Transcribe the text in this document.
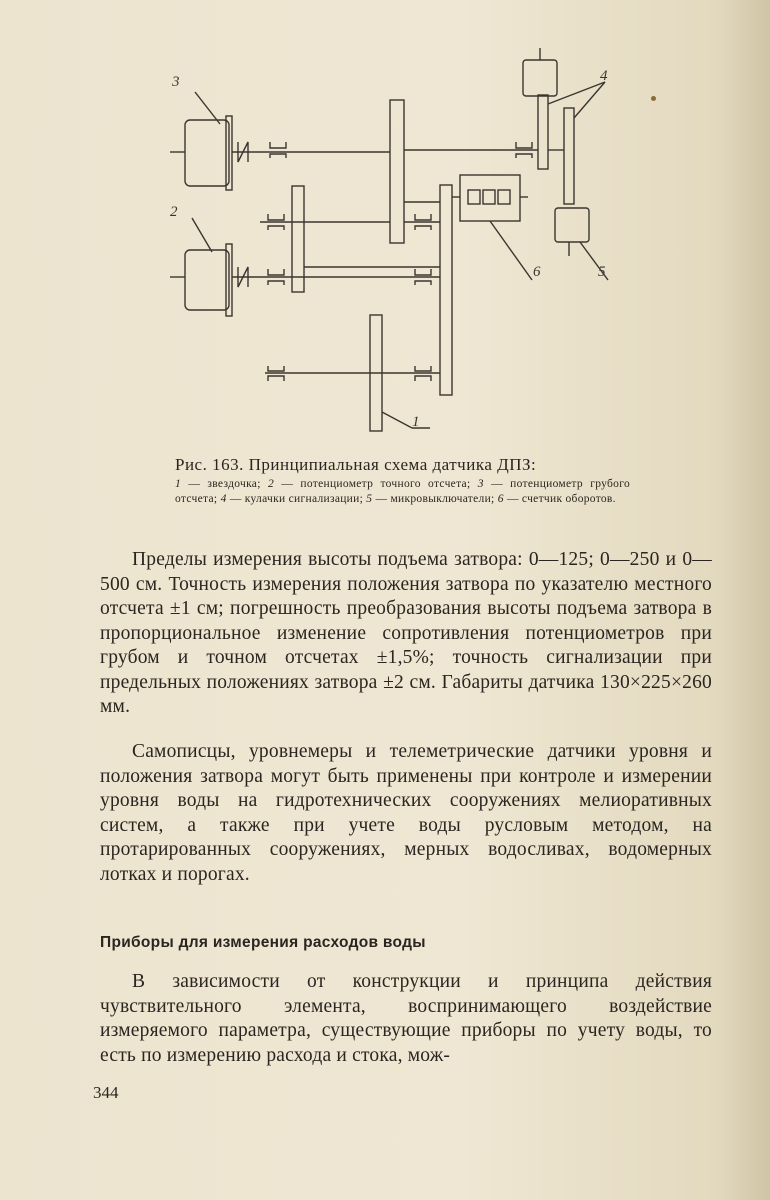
3
2
1
4
5
6
Рис. 163. Принципиальная схема датчика ДПЗ:
1 — звездочка; 2 — потенциометр точного отсчета; 3 — потенциометр грубого отсчета; 4 — кулачки сигнализации; 5 — микровыключатели; 6 — счетчик оборотов.

Пределы измерения высоты подъема затвора: 0—125; 0—250 и 0—500 см. Точность измерения положения затвора по указателю местного отсчета ±1 см; погрешность преобразования высоты подъема затвора в пропорциональное изменение сопротивления потенциометров при грубом и точном отсчетах ±1,5%; точность сигнализации при предельных положениях затвора ±2 см. Габариты датчика 130×225×260 мм.

Самописцы, уровнемеры и телеметрические датчики уровня и положения затвора могут быть применены при контроле и измерении уровня воды на гидротехнических сооружениях мелиоративных систем, а также при учете воды русловым методом, на протарированных сооружениях, мерных водосливах, водомерных лотках и порогах.

Приборы для измерения расходов воды

В зависимости от конструкции и принципа действия чувствительного элемента, воспринимающего воздействие измеряемого параметра, существующие приборы по учету воды, то есть по измерению расхода и стока, мож-

344
